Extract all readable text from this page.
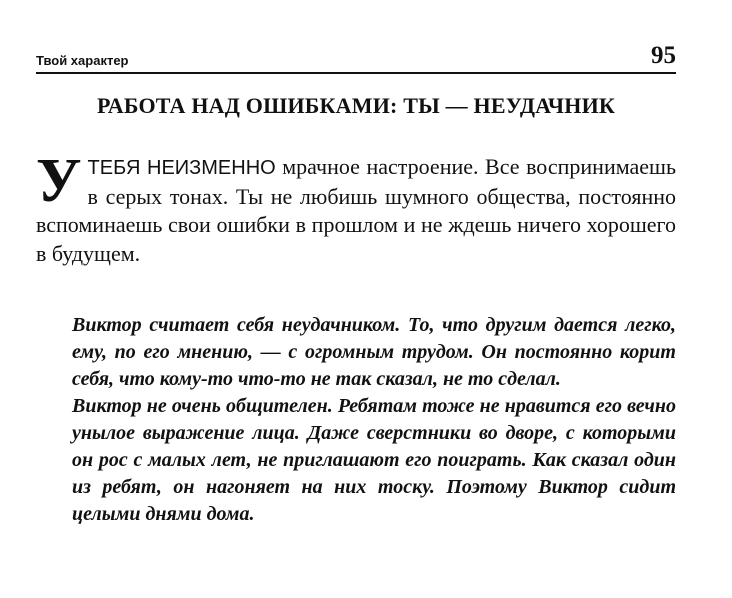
Твой характер	95
РАБОТА НАД ОШИБКАМИ: ТЫ — НЕУДАЧНИК

УТЕБЯ НЕИЗМЕННО мрачное настроение. Все воспринимаешь в серых тонах. Ты не любишь шумного общества, постоянно вспоминаешь свои ошибки в прошлом и не ждешь ничего хорошего в будущем.

Виктор считает себя неудачником. То, что другим дается легко, ему, по его мнению, — с огромным трудом. Он постоянно корит себя, что кому-то что-то не так сказал, не то сделал.

Виктор не очень общителен. Ребятам тоже не нравится его вечно унылое выражение лица. Даже сверстники во дворе, с которыми он рос с малых лет, не приглашают его поиграть. Как сказал один из ребят, он нагоняет на них тоску. Поэтому Виктор сидит целыми днями дома.
